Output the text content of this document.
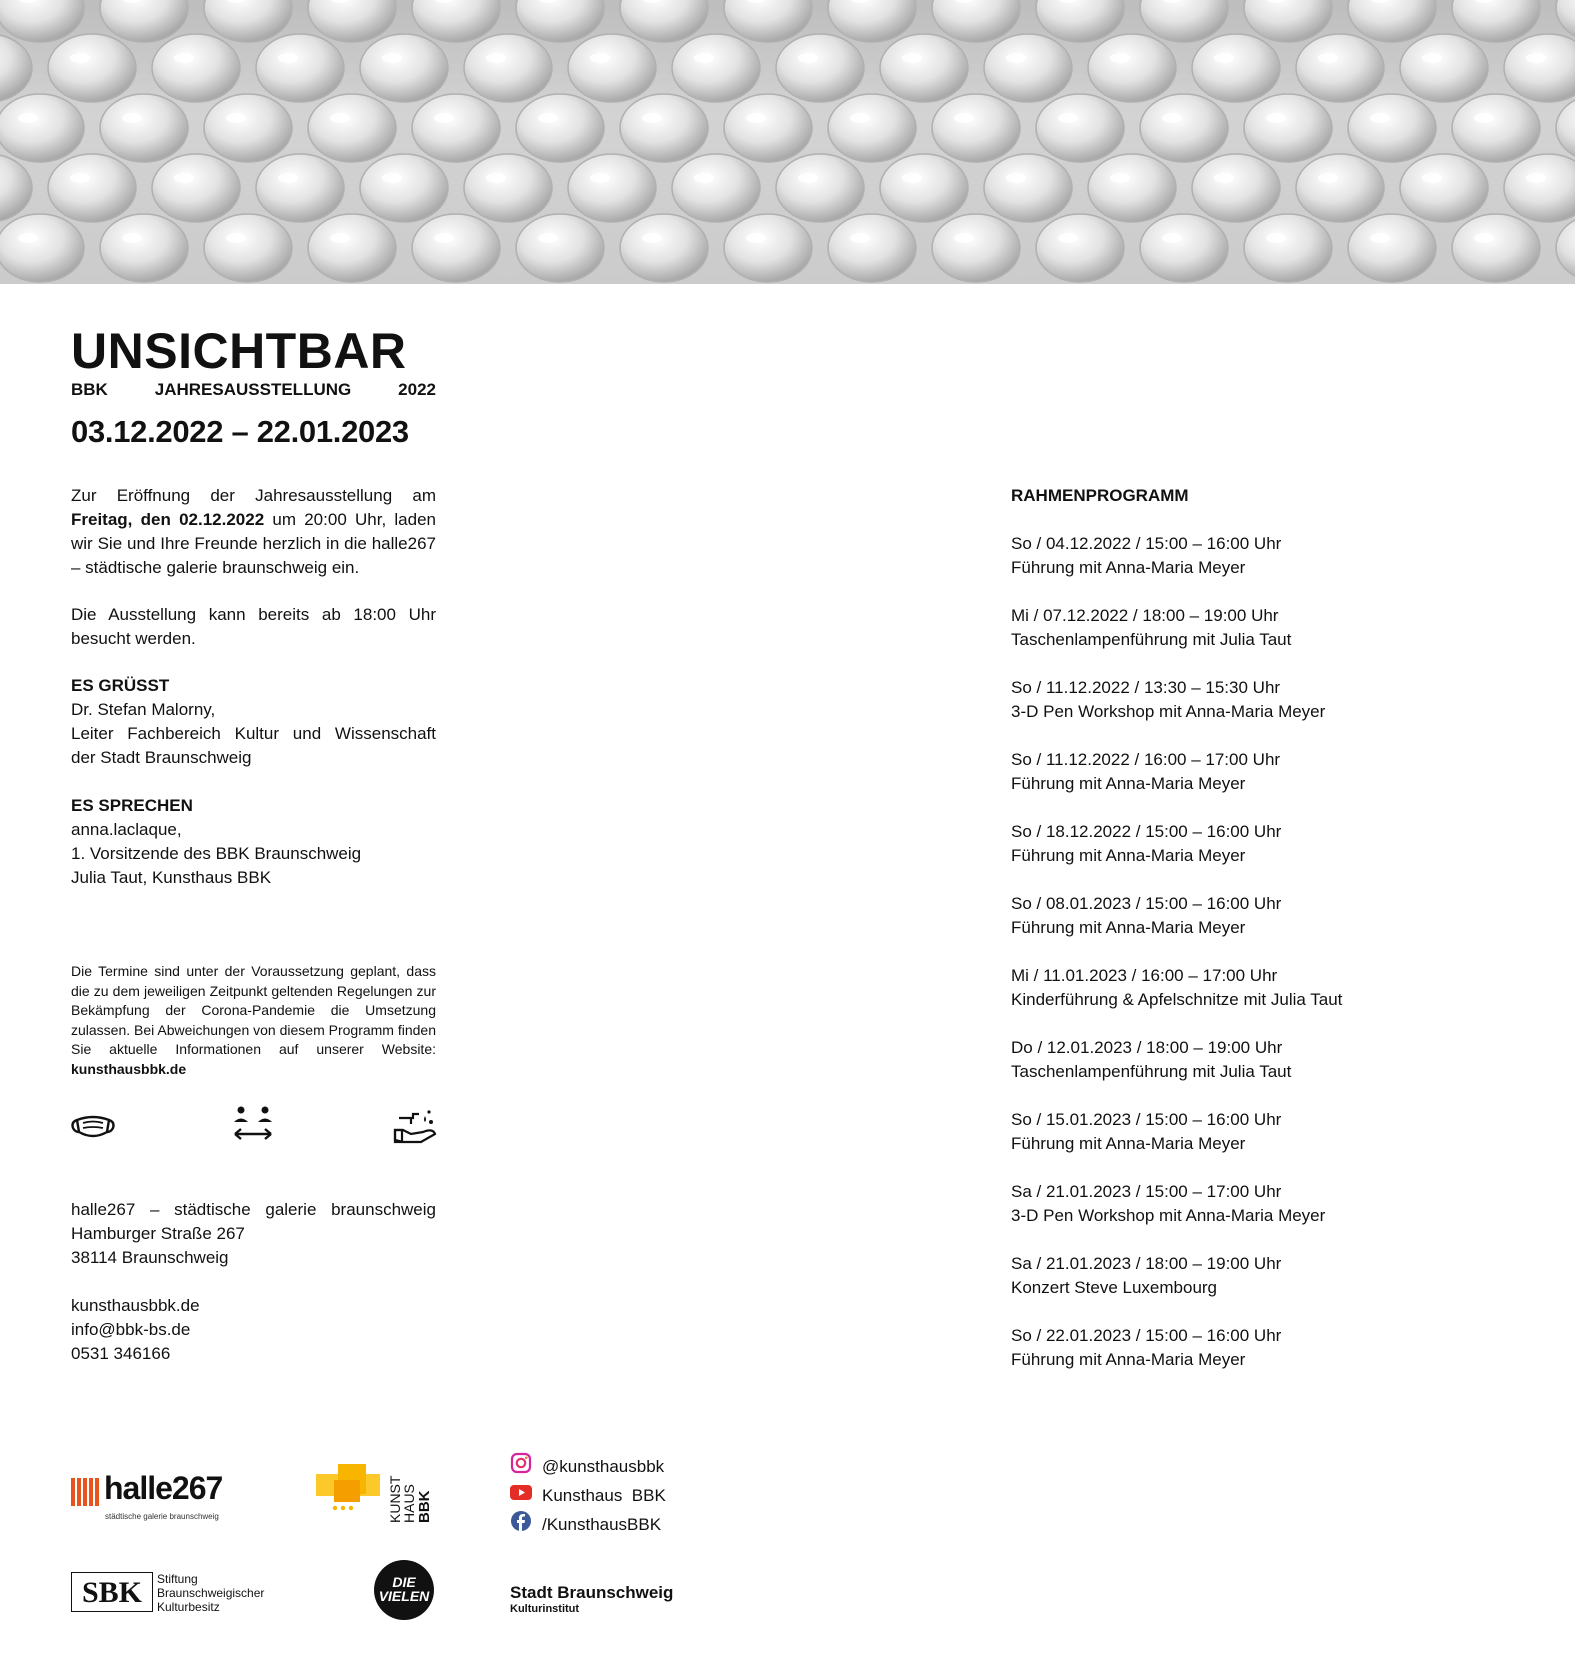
UNSICHTBAR
BBK	JAHRESAUSSTELLUNG	2022
03.12.2022 – 22.01.2023
Zur Eröffnung der Jahresausstellung am Freitag, den 02.12.2022 um 20:00 Uhr, laden wir Sie und Ihre Freunde herzlich in die halle267 – städtische galerie braunschweig ein.
Die Ausstellung kann bereits ab 18:00 Uhr besucht werden.
ES GRÜSST
Dr. Stefan Malorny,
Leiter Fachbereich Kultur und Wissenschaft
der Stadt Braunschweig
ES SPRECHEN
anna.laclaque,
1. Vorsitzende des BBK Braunschweig
Julia Taut, Kunsthaus BBK
Die Termine sind unter der Voraussetzung geplant, dass die zu dem jeweiligen Zeitpunkt geltenden Regelungen zur Bekämpfung der Corona-Pandemie die Umsetzung zulassen. Bei Abweichungen von diesem Programm finden Sie aktuelle Informationen auf unserer Website: kunsthausbbk.de
halle267 – städtische galerie braunschweig
Hamburger Straße 267
38114 Braunschweig
kunsthausbbk.de
info@bbk-bs.de
0531 346166
RAHMENPROGRAMM
So / 04.12.2022 / 15:00 – 16:00 Uhr
Führung mit Anna-Maria Meyer
Mi / 07.12.2022 / 18:00 – 19:00 Uhr
Taschenlampenführung mit Julia Taut
So / 11.12.2022 / 13:30 – 15:30 Uhr
3-D Pen Workshop mit Anna-Maria Meyer
So / 11.12.2022 / 16:00 – 17:00 Uhr
Führung mit Anna-Maria Meyer
So / 18.12.2022 / 15:00 – 16:00 Uhr
Führung mit Anna-Maria Meyer
So / 08.01.2023 / 15:00 – 16:00 Uhr
Führung mit Anna-Maria Meyer
Mi / 11.01.2023 / 16:00 – 17:00 Uhr
Kinderführung & Apfelschnitze mit Julia Taut
Do / 12.01.2023 / 18:00 – 19:00 Uhr
Taschenlampenführung mit Julia Taut
So / 15.01.2023 / 15:00 – 16:00 Uhr
Führung mit Anna-Maria Meyer
Sa / 21.01.2023 / 15:00 – 17:00 Uhr
3-D Pen Workshop mit Anna-Maria Meyer
Sa / 21.01.2023 / 18:00 – 19:00 Uhr
Konzert Steve Luxembourg
So / 22.01.2023 / 15:00 – 16:00 Uhr
Führung mit Anna-Maria Meyer
@kunsthausbbk
Kunsthaus  BBK
/KunsthausBBK
halle267
städtische galerie braunschweig	KUNST
HAUS BBK
SBK	Stiftung
Braunschweigischer
Kulturbesitz
DIE
VIELEN	Stadt Braunschweig
Kulturinstitut
